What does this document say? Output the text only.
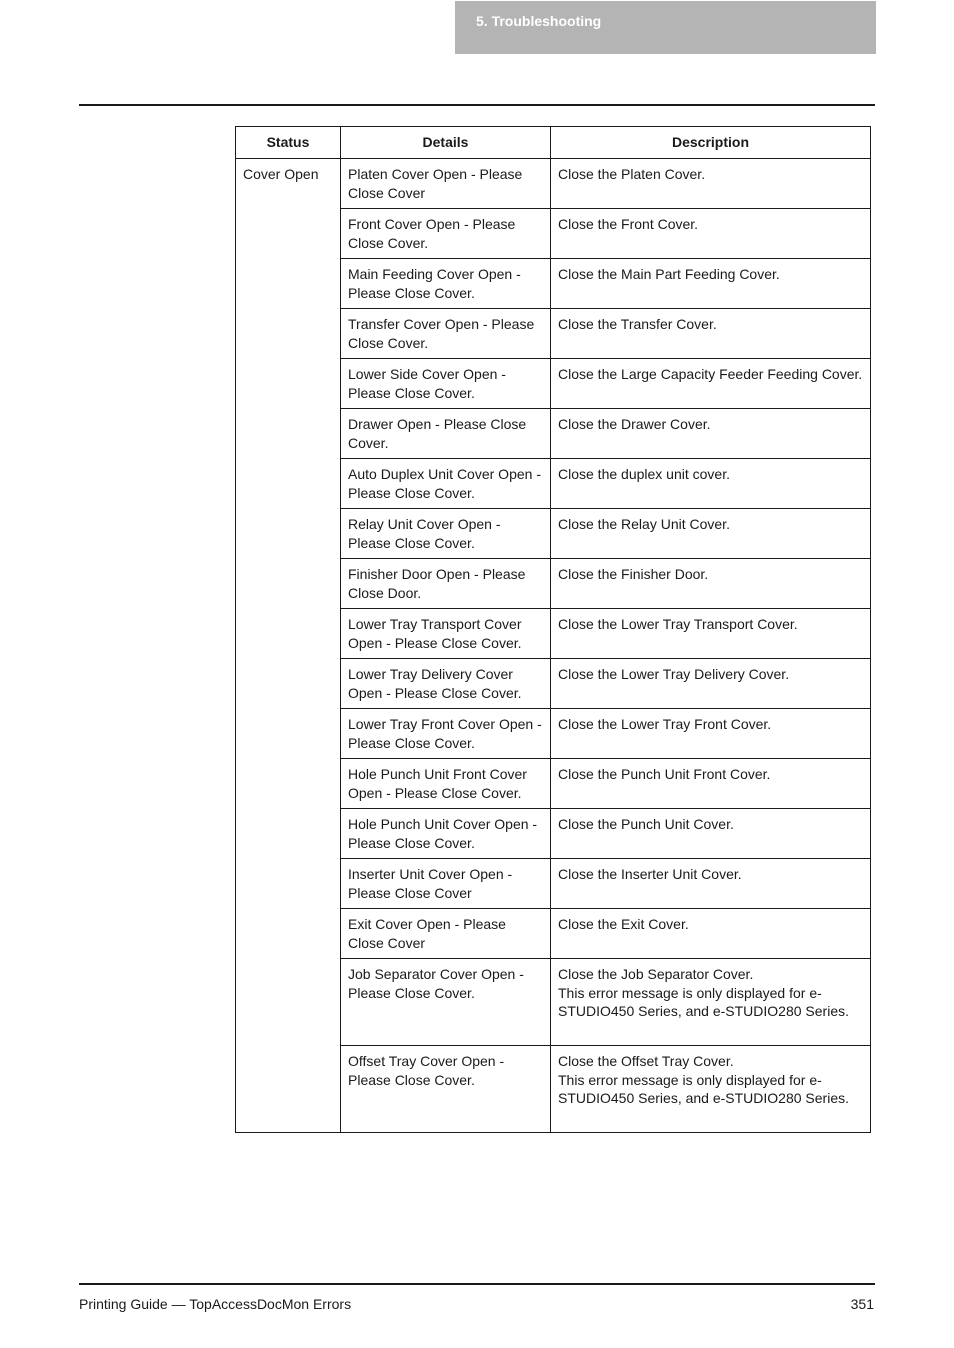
5. Troubleshooting
Status	Details	Description
Cover Open	Platen Cover Open - Please Close Cover	Close the Platen Cover.

	Front Cover Open - Please Close Cover.	Close the Front Cover.

	Main Feeding Cover Open - Please Close Cover.	Close the Main Part Feeding Cover.

	Transfer Cover Open - Please Close Cover.	Close the Transfer Cover.

	Lower Side Cover Open - Please Close Cover.	Close the Large Capacity Feeder Feeding Cover.

	Drawer Open - Please Close Cover.	Close the Drawer Cover.

	Auto Duplex Unit Cover Open - Please Close Cover.	Close the duplex unit cover.

	Relay Unit Cover Open - Please Close Cover.	Close the Relay Unit Cover.

	Finisher Door Open - Please Close Door.	Close the Finisher Door.

	Lower Tray Transport Cover Open - Please Close Cover.	Close the Lower Tray Transport Cover.

	Lower Tray Delivery Cover Open - Please Close Cover.	Close the Lower Tray Delivery Cover.

	Lower Tray Front Cover Open - Please Close Cover.	Close the Lower Tray Front Cover.

	Hole Punch Unit Front Cover Open - Please Close Cover.	Close the Punch Unit Front Cover.

	Hole Punch Unit Cover Open - Please Close Cover.	Close the Punch Unit Cover.

	Inserter Unit Cover Open - Please Close Cover	Close the Inserter Unit Cover.

	Exit Cover Open - Please Close Cover	Close the Exit Cover.

	Job Separator Cover Open - Please Close Cover.	Close the Job Separator Cover.
This error message is only displayed for e-STUDIO450 Series, and e-STUDIO280 Series.

	Offset Tray Cover Open - Please Close Cover.	Close the Offset Tray Cover.
This error message is only displayed for e-STUDIO450 Series, and e-STUDIO280 Series.
Printing Guide — TopAccessDocMon Errors	351
